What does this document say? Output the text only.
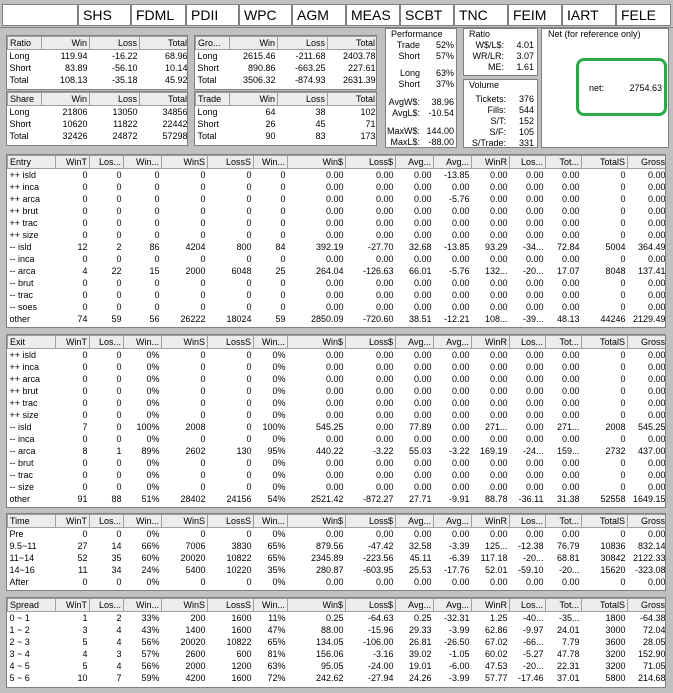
SHS	FDML	PDII	WPC	AGM	MEAS	SCBT	TNC	FEIM	IART	FELE
Ratio	Win	Loss	Total
Long	119.94	-16.22	68.96
Short	83.89	-56.10	10.14
Total	108.13	-35.18	45.92
Share	Win	Loss	Total
Long	21806	13050	34856
Short	10620	11822	22442
Total	32426	24872	57298
Gro...	Win	Loss	Total
Long	2615.46	-211.68	2403.78
Short	890.86	-663.25	227.61
Total	3506.32	-874.93	2631.39
Trade	Win	Loss	Total
Long	64	38	102
Short	26	45	71
Total	90	83	173
Performance
Trade	52%
Short	57%
Long	63%
Short	37%
AvgW$:	38.96
AvgL$: -10.54
MaxW$: 144.00
MaxL$: -88.00
Ratio
W$/L$:	4.01
WR/LR:	3.07
ME:	1.61
Volume
Tickets:	376
Fills:	544
S/T:	152
S/F:	105
S/Trade:	331
Net (for reference only)
net:	2754.63
Entry	WinT	Los...	Win...	WinS	LossS	Win...	Win$	Loss$	Avg...	Avg...	WinR	Los...	Tot...	TotalS	Gross
++ isld	0	0	0	0	0	0	0.00	0.00	0.00	-13.85	0.00	0.00	0.00	0	0.00
++ inca	0	0	0	0	0	0	0.00	0.00	0.00	0.00	0.00	0.00	0.00	0	0.00
++ arca	0	0	0	0	0	0	0.00	0.00	0.00	-5.76	0.00	0.00	0.00	0	0.00
++ brut	0	0	0	0	0	0	0.00	0.00	0.00	0.00	0.00	0.00	0.00	0	0.00
++ trac	0	0	0	0	0	0	0.00	0.00	0.00	0.00	0.00	0.00	0.00	0	0.00
++ size	0	0	0	0	0	0	0.00	0.00	0.00	0.00	0.00	0.00	0.00	0	0.00
-- isld	12	2	86	4204	800	84	392.19	-27.70	32.68	-13.85	93.29	-34...	72.84	5004	364.49
-- inca	0	0	0	0	0	0	0.00	0.00	0.00	0.00	0.00	0.00	0.00	0	0.00
-- arca	4	22	15	2000	6048	25	264.04	-126.63	66.01	-5.76	132...	-20...	17.07	8048	137.41
-- brut	0	0	0	0	0	0	0.00	0.00	0.00	0.00	0.00	0.00	0.00	0	0.00
-- trac	0	0	0	0	0	0	0.00	0.00	0.00	0.00	0.00	0.00	0.00	0	0.00
-- soes	0	0	0	0	0	0	0.00	0.00	0.00	0.00	0.00	0.00	0.00	0	0.00
other	74	59	56	26222	18024	59	2850.09	-720.60	38.51	-12.21	108...	-39...	48.13	44246	2129.49
Exit	WinT	Los...	Win...	WinS	LossS	Win...	Win$	Loss$	Avg...	Avg...	WinR	Los...	Tot...	TotalS	Gross
++ isld	0	0	0%	0	0	0%	0.00	0.00	0.00	0.00	0.00	0.00	0.00	0	0.00
++ inca	0	0	0%	0	0	0%	0.00	0.00	0.00	0.00	0.00	0.00	0.00	0	0.00
++ arca	0	0	0%	0	0	0%	0.00	0.00	0.00	0.00	0.00	0.00	0.00	0	0.00
++ brut	0	0	0%	0	0	0%	0.00	0.00	0.00	0.00	0.00	0.00	0.00	0	0.00
++ trac	0	0	0%	0	0	0%	0.00	0.00	0.00	0.00	0.00	0.00	0.00	0	0.00
++ size	0	0	0%	0	0	0%	0.00	0.00	0.00	0.00	0.00	0.00	0.00	0	0.00
-- isld	7	0	100%	2008	0	100%	545.25	0.00	77.89	0.00	271...	0.00	271...	2008	545.25
-- inca	0	0	0%	0	0	0%	0.00	0.00	0.00	0.00	0.00	0.00	0.00	0	0.00
-- arca	8	1	89%	2602	130	95%	440.22	-3.22	55.03	-3.22	169.19	-24...	159...	2732	437.00
-- brut	0	0	0%	0	0	0%	0.00	0.00	0.00	0.00	0.00	0.00	0.00	0	0.00
-- trac	0	0	0%	0	0	0%	0.00	0.00	0.00	0.00	0.00	0.00	0.00	0	0.00
-- size	0	0	0%	0	0	0%	0.00	0.00	0.00	0.00	0.00	0.00	0.00	0	0.00
other	91	88	51%	28402	24156	54%	2521.42	-872.27	27.71	-9.91	88.78	-36.11	31.38	52558	1649.15
Time	WinT	Los...	Win...	WinS	LossS	Win...	Win$	Loss$	Avg...	Avg...	WinR	Los...	Tot...	TotalS	Gross
Pre	0	0	0%	0	0	0%	0.00	0.00	0.00	0.00	0.00	0.00	0.00	0	0.00
9.5~11	27	14	66%	7006	3830	65%	879.56	-47.42	32.58	-3.39	125...	-12.38	76.79	10836	832.14
11~14	52	35	60%	20020	10822	65%	2345.89	-223.56	45.11	-6.39	117.18	-20...	68.81	30842	2122.33
14~16	11	34	24%	5400	10220	35%	280.87	-603.95	25.53	-17.76	52.01	-59.10	-20...	15620	-323.08
After	0	0	0%	0	0	0%	0.00	0.00	0.00	0.00	0.00	0.00	0.00	0	0.00
Spread	WinT	Los...	Win...	WinS	LossS	Win...	Win$	Loss$	Avg...	Avg...	WinR	Los...	Tot...	TotalS	Gross
0 ~ 1	1	2	33%	200	1600	11%	0.25	-64.63	0.25	-32.31	1.25	-40...	-35...	1800	-64.38
1 ~ 2	3	4	43%	1400	1600	47%	88.00	-15.96	29.33	-3.99	62.86	-9.97	24.01	3000	72.04
2 ~ 3	5	4	56%	20020	10822	65%	134.05	-106.00	26.81	-26.50	67.02	-66...	7.79	3600	28.05
3 ~ 4	4	3	57%	2600	600	81%	156.06	-3.16	39.02	-1.05	60.02	-5.27	47.78	3200	152.90
4 ~ 5	5	4	56%	2000	1200	63%	95.05	-24.00	19.01	-6.00	47.53	-20...	22.31	3200	71.05
5 ~ 6	10	7	59%	4200	1600	72%	242.62	-27.94	24.26	-3.99	57.77	-17.46	37.01	5800	214.68
